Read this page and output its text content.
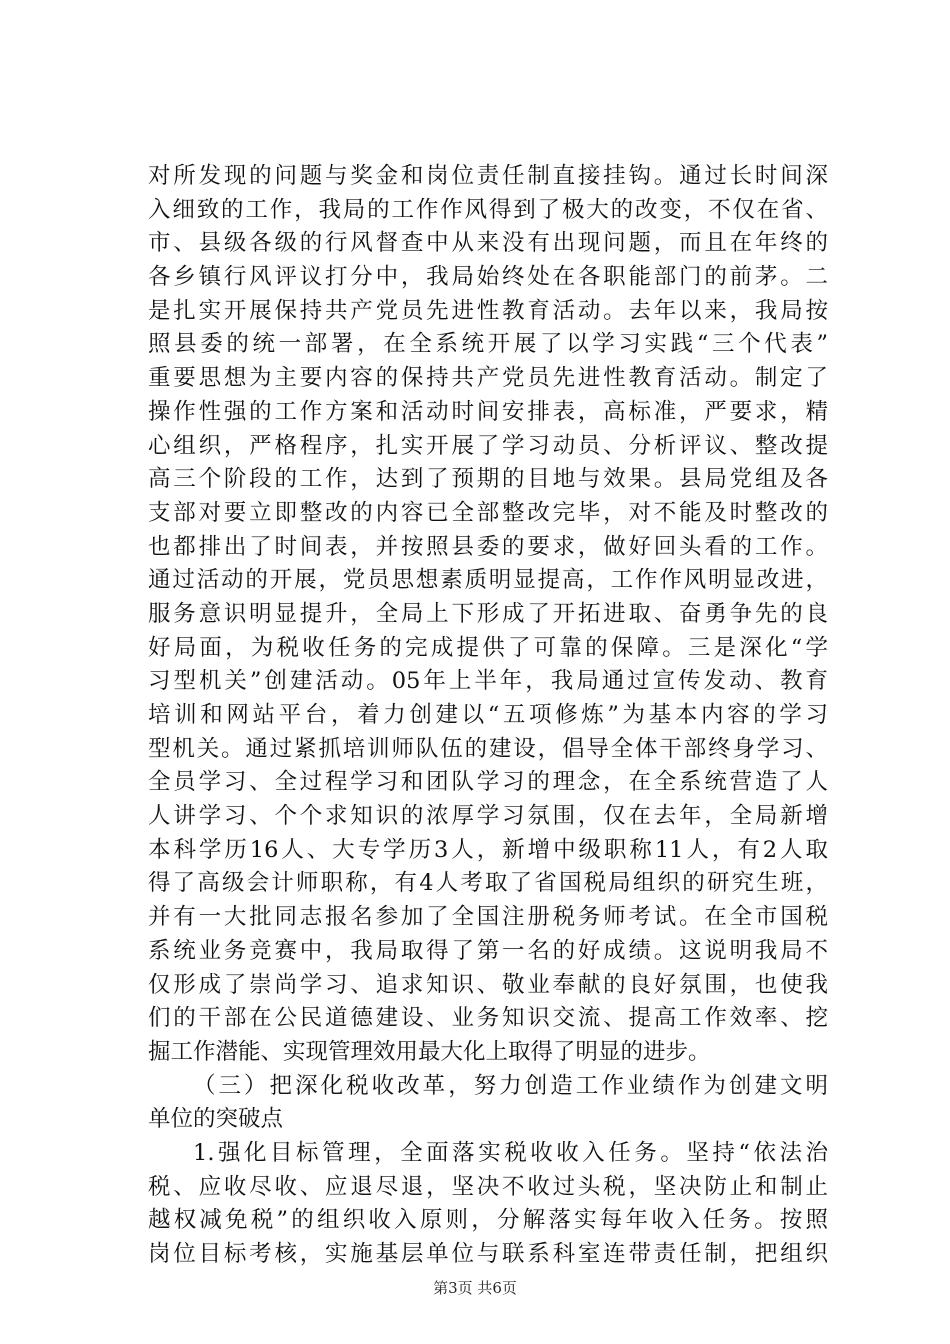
对所发现的问题与奖金和岗位责任制直接挂钩。通过长时间深
入细致的工作，我局的工作作风得到了极大的改变，不仅在省、
市、县级各级的行风督查中从来没有出现问题，而且在年终的
各乡镇行风评议打分中，我局始终处在各职能部门的前茅。二
是扎实开展保持共产党员先进性教育活动。去年以来，我局按
照县委的统一部署，在全系统开展了以学习实践“三个代表”
重要思想为主要内容的保持共产党员先进性教育活动。制定了
操作性强的工作方案和活动时间安排表，高标准，严要求，精
心组织，严格程序，扎实开展了学习动员、分析评议、整改提
高三个阶段的工作，达到了预期的目地与效果。县局党组及各
支部对要立即整改的内容已全部整改完毕，对不能及时整改的
也都排出了时间表，并按照县委的要求，做好回头看的工作。
通过活动的开展，党员思想素质明显提高，工作作风明显改进，
服务意识明显提升，全局上下形成了开拓进取、奋勇争先的良
好局面，为税收任务的完成提供了可靠的保障。三是深化“学
习型机关”创建活动。05年上半年，我局通过宣传发动、教育
培训和网站平台，着力创建以“五项修炼”为基本内容的学习
型机关。通过紧抓培训师队伍的建设，倡导全体干部终身学习、
全员学习、全过程学习和团队学习的理念，在全系统营造了人
人讲学习、个个求知识的浓厚学习氛围，仅在去年，全局新增
本科学历16人、大专学历3人，新增中级职称11人，有2人取
得了高级会计师职称，有4人考取了省国税局组织的研究生班，
并有一大批同志报名参加了全国注册税务师考试。在全市国税
系统业务竞赛中，我局取得了第一名的好成绩。这说明我局不
仅形成了崇尚学习、追求知识、敬业奉献的良好氛围，也使我
们的干部在公民道德建设、业务知识交流、提高工作效率、挖
掘工作潜能、实现管理效用最大化上取得了明显的进步。
（三）把深化税收改革，努力创造工作业绩作为创建文明
单位的突破点
1.强化目标管理，全面落实税收收入任务。坚持“依法治
税、应收尽收、应退尽退，坚决不收过头税，坚决防止和制止
越权减免税”的组织收入原则，分解落实每年收入任务。按照
岗位目标考核，实施基层单位与联系科室连带责任制，把组织
第3页 共6页
